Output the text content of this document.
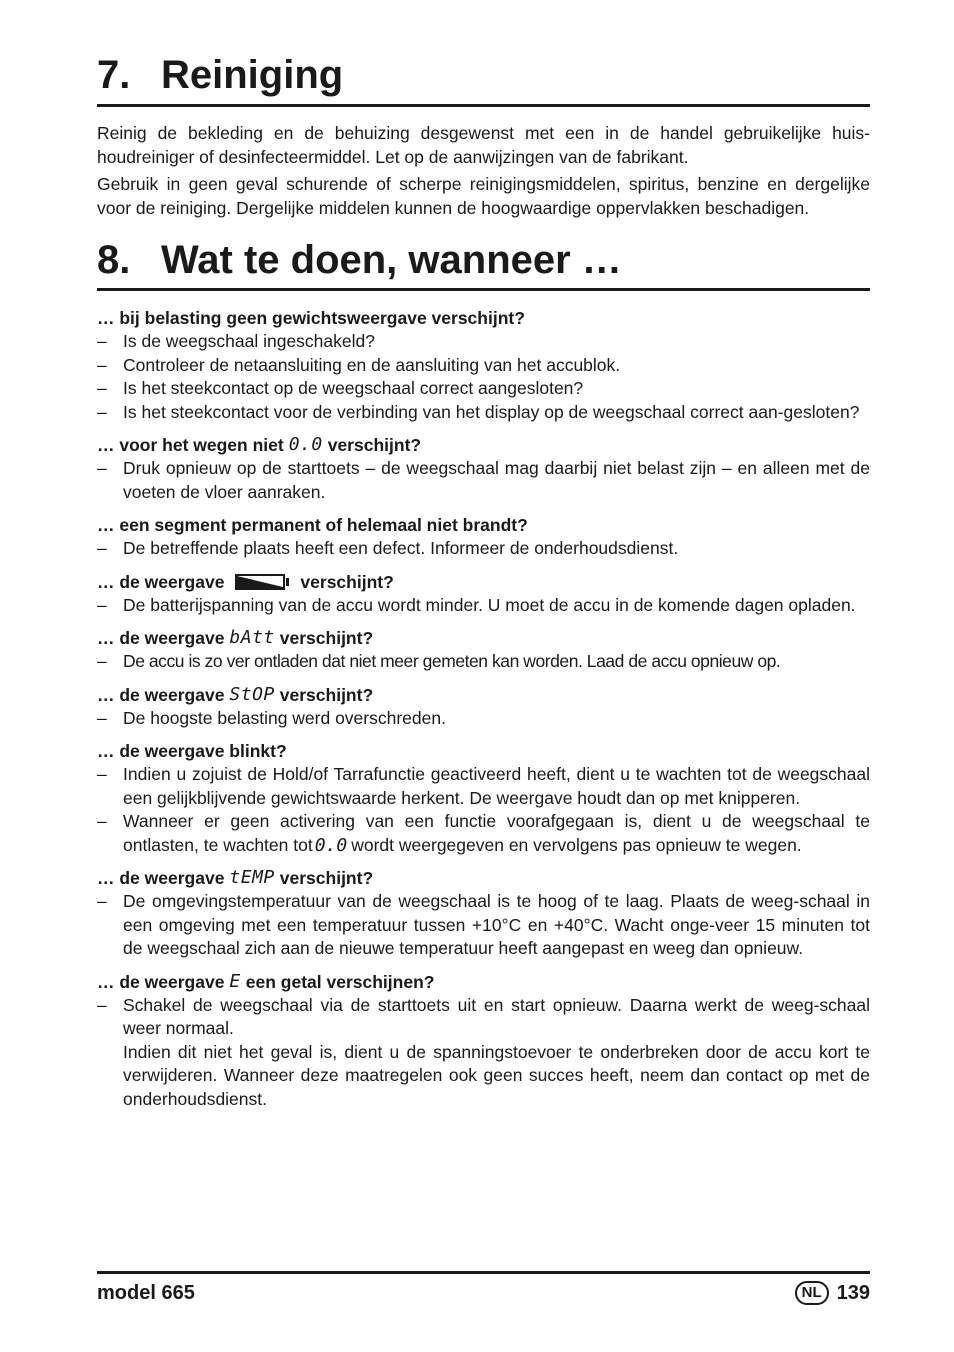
7. Reiniging

Reinig de bekleding en de behuizing desgewenst met een in de handel gebruikelijke huis-houdreiniger of desinfecteermiddel. Let op de aanwijzingen van de fabrikant.

Gebruik in geen geval schurende of scherpe reinigingsmiddelen, spiritus, benzine en dergelijke voor de reiniging. Dergelijke middelen kunnen de hoogwaardige oppervlakken beschadigen.

8. Wat te doen, wanneer …
… bij belasting geen gewichtsweergave verschijnt?
– Is de weegschaal ingeschakeld?
– Controleer de netaansluiting en de aansluiting van het accublok.
– Is het steekcontact op de weegschaal correct aangesloten?
– Is het steekcontact voor de verbinding van het display op de weegschaal correct aan-gesloten?
… voor het wegen niet 0.0 verschijnt?
– Druk opnieuw op de starttoets – de weegschaal mag daarbij niet belast zijn – en alleen met de voeten de vloer aanraken.
… een segment permanent of helemaal niet brandt?
– De betreffende plaats heeft een defect. Informeer de onderhoudsdienst.
… de weergave	verschijnt?
– De batterijspanning van de accu wordt minder. U moet de accu in de komende dagen opladen.
… de weergave bAtt verschijnt?
– De accu is zo ver ontladen dat niet meer gemeten kan worden. Laad de accu opnieuw op.
… de weergave StOP verschijnt?
– De hoogste belasting werd overschreden.
… de weergave blinkt?
– Indien u zojuist de Hold/of Tarrafunctie geactiveerd heeft, dient u te wachten tot de weegschaal een gelijkblijvende gewichtswaarde herkent. De weergave houdt dan op met knipperen.
– Wanneer er geen activering van een functie voorafgegaan is, dient u de weegschaal te ontlasten, te wachten tot 0.0 wordt weergegeven en vervolgens pas opnieuw te wegen.
… de weergave tEMP verschijnt?
– De omgevingstemperatuur van de weegschaal is te hoog of te laag. Plaats de weeg-schaal in een omgeving met een temperatuur tussen +10°C en +40°C. Wacht onge-veer 15 minuten tot de weegschaal zich aan de nieuwe temperatuur heeft aangepast en weeg dan opnieuw.
… de weergave E een getal verschijnen?
– Schakel de weegschaal via de starttoets uit en start opnieuw. Daarna werkt de weeg-schaal weer normaal.
Indien dit niet het geval is, dient u de spanningstoevoer te onderbreken door de accu kort te verwijderen. Wanneer deze maatregelen ook geen succes heeft, neem dan contact op met de onderhoudsdienst.
model 665	NL 139
